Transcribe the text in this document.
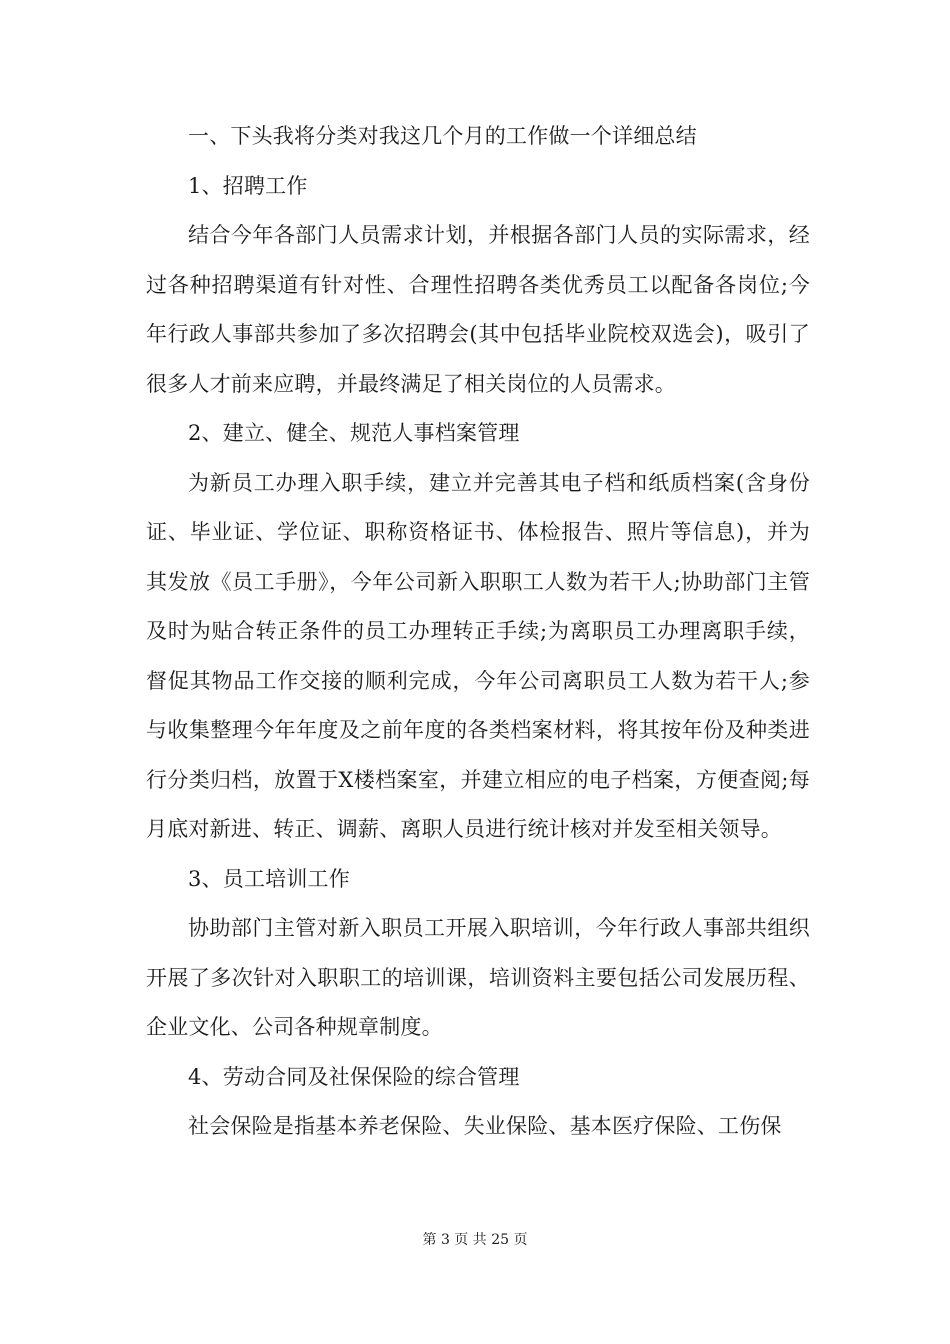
一、下头我将分类对我这几个月的工作做一个详细总结

1、招聘工作

结合今年各部门人员需求计划，并根据各部门人员的实际需求，经过各种招聘渠道有针对性、合理性招聘各类优秀员工以配备各岗位;今年行政人事部共参加了多次招聘会(其中包括毕业院校双选会)，吸引了很多人才前来应聘，并最终满足了相关岗位的人员需求。

2、建立、健全、规范人事档案管理

为新员工办理入职手续，建立并完善其电子档和纸质档案(含身份证、毕业证、学位证、职称资格证书、体检报告、照片等信息)，并为其发放《员工手册》，今年公司新入职职工人数为若干人;协助部门主管及时为贴合转正条件的员工办理转正手续;为离职员工办理离职手续，督促其物品工作交接的顺利完成，今年公司离职员工人数为若干人;参与收集整理今年年度及之前年度的各类档案材料，将其按年份及种类进行分类归档，放置于X楼档案室，并建立相应的电子档案，方便查阅;每月底对新进、转正、调薪、离职人员进行统计核对并发至相关领导。

3、员工培训工作

协助部门主管对新入职员工开展入职培训，今年行政人事部共组织开展了多次针对入职职工的培训课，培训资料主要包括公司发展历程、企业文化、公司各种规章制度。

4、劳动合同及社保保险的综合管理

社会保险是指基本养老保险、失业保险、基本医疗保险、工伤保

第 3 页 共 25 页
